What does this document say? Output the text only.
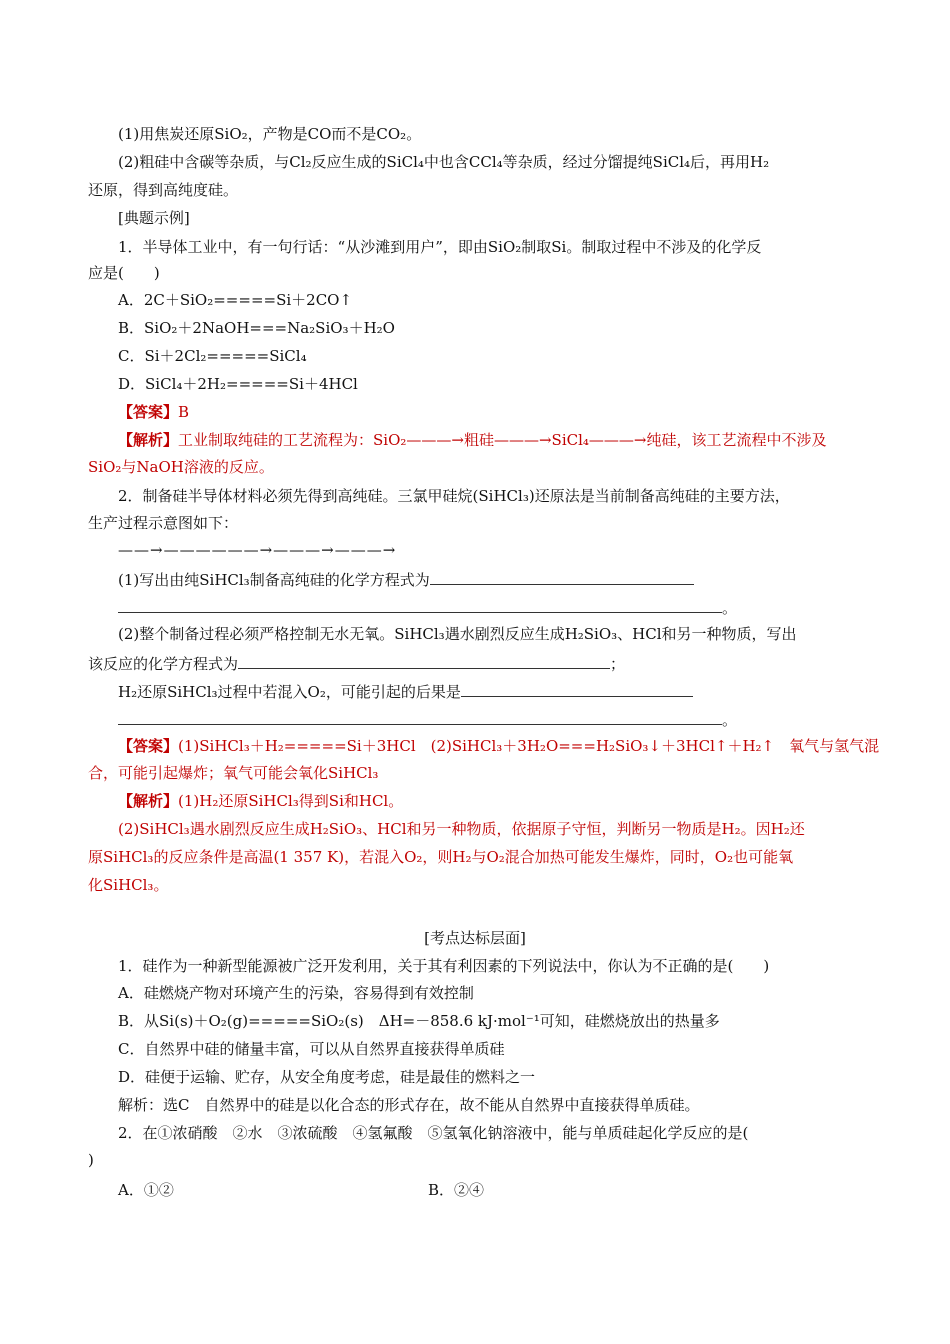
(1)用焦炭还原SiO₂，产物是CO而不是CO₂。
(2)粗硅中含碳等杂质，与Cl₂反应生成的SiCl₄中也含CCl₄等杂质，经过分馏提纯SiCl₄后，再用H₂
还原，得到高纯度硅。
[典题示例]
1．半导体工业中，有一句行话：“从沙滩到用户”，即由SiO₂制取Si。制取过程中不涉及的化学反
应是(　　)
A．2C＋SiO₂=====Si＋2CO↑
B．SiO₂＋2NaOH===Na₂SiO₃＋H₂O
C．Si＋2Cl₂=====SiCl₄
D．SiCl₄＋2H₂=====Si＋4HCl
【答案】B
【解析】工业制取纯硅的工艺流程为：SiO₂———→粗硅———→SiCl₄———→纯硅，该工艺流程中不涉及
SiO₂与NaOH溶液的反应。
2．制备硅半导体材料必须先得到高纯硅。三氯甲硅烷(SiHCl₃)还原法是当前制备高纯硅的主要方法，
生产过程示意图如下：
——→——————→———→———→
(1)写出由纯SiHCl₃制备高纯硅的化学方程式为
。
(2)整个制备过程必须严格控制无水无氧。SiHCl₃遇水剧烈反应生成H₂SiO₃、HCl和另一种物质，写出
该反应的化学方程式为	；
H₂还原SiHCl₃过程中若混入O₂，可能引起的后果是
。
【答案】(1)SiHCl₃＋H₂=====Si＋3HCl　(2)SiHCl₃＋3H₂O===H₂SiO₃↓＋3HCl↑＋H₂↑　氧气与氢气混
合，可能引起爆炸；氧气可能会氧化SiHCl₃
【解析】(1)H₂还原SiHCl₃得到Si和HCl。
(2)SiHCl₃遇水剧烈反应生成H₂SiO₃、HCl和另一种物质，依据原子守恒，判断另一物质是H₂。因H₂还
原SiHCl₃的反应条件是高温(1 357 K)，若混入O₂，则H₂与O₂混合加热可能发生爆炸，同时，O₂也可能氧
化SiHCl₃。
[考点达标层面]
1．硅作为一种新型能源被广泛开发利用，关于其有利因素的下列说法中，你认为不正确的是(　　)
A．硅燃烧产物对环境产生的污染，容易得到有效控制
B．从Si(s)＋O₂(g)=====SiO₂(s)　ΔH=－858.6 kJ·mol⁻¹可知，硅燃烧放出的热量多
C．自然界中硅的储量丰富，可以从自然界直接获得单质硅
D．硅便于运输、贮存，从安全角度考虑，硅是最佳的燃料之一
解析：选C　自然界中的硅是以化合态的形式存在，故不能从自然界中直接获得单质硅。
2．在①浓硝酸　②水　③浓硫酸　④氢氟酸　⑤氢氧化钠溶液中，能与单质硅起化学反应的是(
)
A．①②	B．②④
